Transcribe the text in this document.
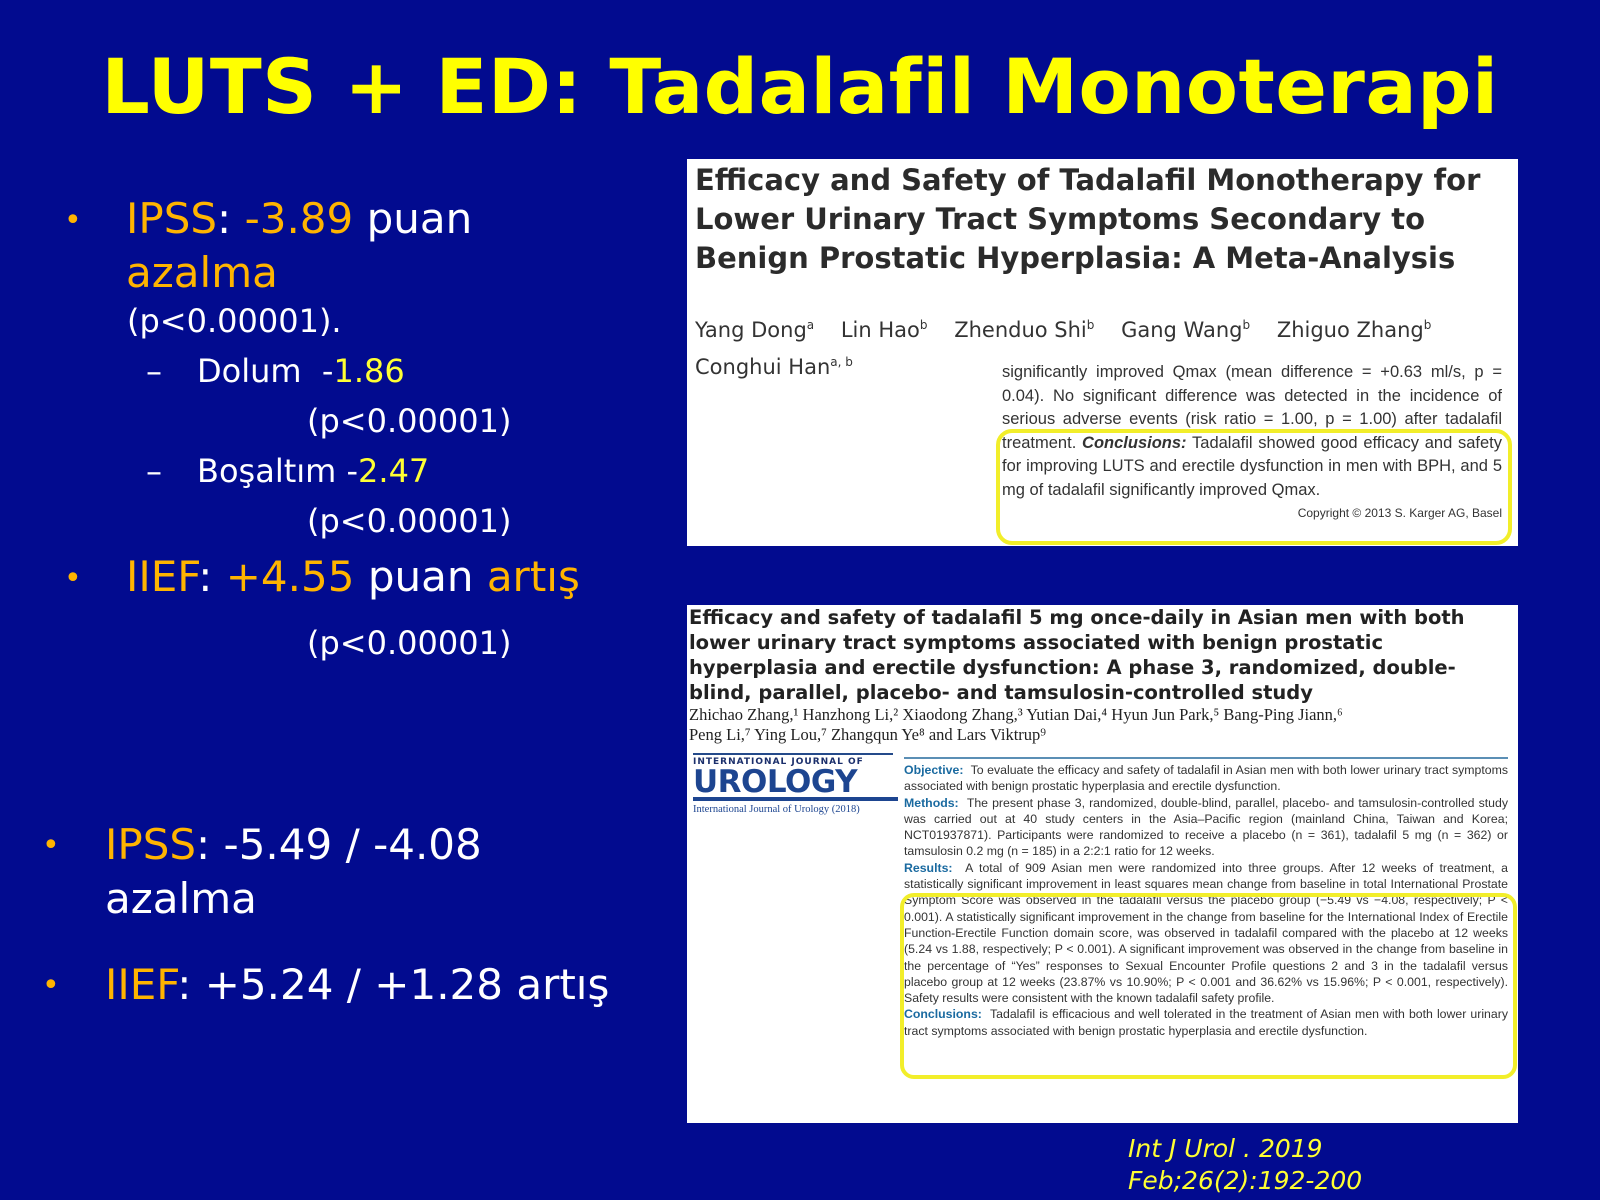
LUTS + ED: Tadalafil Monoterapi
• IPSS: -3.89 puan
azalma
(p<0.00001).
– Dolum  -1.86
(p<0.00001)
– Boşaltım -2.47
(p<0.00001)
• IIEF: +4.55 puan artış
(p<0.00001)
• IPSS: -5.49 / -4.08
azalma
• IIEF: +5.24 / +1.28 artış
Efficacy and Safety of Tadalafil Monotherapy for Lower Urinary Tract Symptoms Secondary to Benign Prostatic Hyperplasia: A Meta-Analysis
Yang Dong$^a$ Lin Hao$^b$ Zhenduo Shi$^b$ Gang Wang$^b$ Zhiguo Zhang$^b$
Conghui Han$^{a, b}$
significantly improved Qmax (mean difference = +0.63 ml/s, p = 0.04). No significant difference was detected in the incidence of serious adverse events (risk ratio = 1.00, p = 1.00) after tadalafil treatment. Conclusions: Tadalafil showed good efficacy and safety for improving LUTS and erectile dysfunction in men with BPH, and 5 mg of tadalafil significantly improved Qmax.
Copyright © 2013 S. Karger AG, Basel
Efficacy and safety of tadalafil 5 mg once-daily in Asian men with both lower urinary tract symptoms associated with benign prostatic hyperplasia and erectile dysfunction: A phase 3, randomized, double-blind, parallel, placebo- and tamsulosin-controlled study
Zhichao Zhang,¹ Hanzhong Li,² Xiaodong Zhang,³ Yutian Dai,⁴ Hyun Jun Park,⁵ Bang-Ping Jiann,⁶
Peng Li,⁷ Ying Lou,⁷ Zhangqun Ye⁸ and Lars Viktrup⁹
INTERNATIONAL JOURNAL OF
UROLOGY
International Journal of Urology (2018)

Objective: To evaluate the efficacy and safety of tadalafil in Asian men with both lower urinary tract symptoms associated with benign prostatic hyperplasia and erectile dysfunction.

Methods: The present phase 3, randomized, double-blind, parallel, placebo- and tamsulosin-controlled study was carried out at 40 study centers in the Asia–Pacific region (mainland China, Taiwan and Korea; NCT01937871). Participants were randomized to receive a placebo (n = 361), tadalafil 5 mg (n = 362) or tamsulosin 0.2 mg (n = 185) in a 2:2:1 ratio for 12 weeks.

Results: A total of 909 Asian men were randomized into three groups. After 12 weeks of treatment, a statistically significant improvement in least squares mean change from baseline in total International Prostate Symptom Score was observed in the tadalafil versus the placebo group (−5.49 vs −4.08, respectively; P < 0.001). A statistically significant improvement in the change from baseline for the International Index of Erectile Function-Erectile Function domain score, was observed in tadalafil compared with the placebo at 12 weeks (5.24 vs 1.88, respectively; P < 0.001). A significant improvement was observed in the change from baseline in the percentage of “Yes” responses to Sexual Encounter Profile questions 2 and 3 in the tadalafil versus placebo group at 12 weeks (23.87% vs 10.90%; P < 0.001 and 36.62% vs 15.96%; P < 0.001, respectively). Safety results were consistent with the known tadalafil safety profile.

Conclusions: Tadalafil is efficacious and well tolerated in the treatment of Asian men with both lower urinary tract symptoms associated with benign prostatic hyperplasia and erectile dysfunction.

Int J Urol . 2019
Feb;26(2):192-200
